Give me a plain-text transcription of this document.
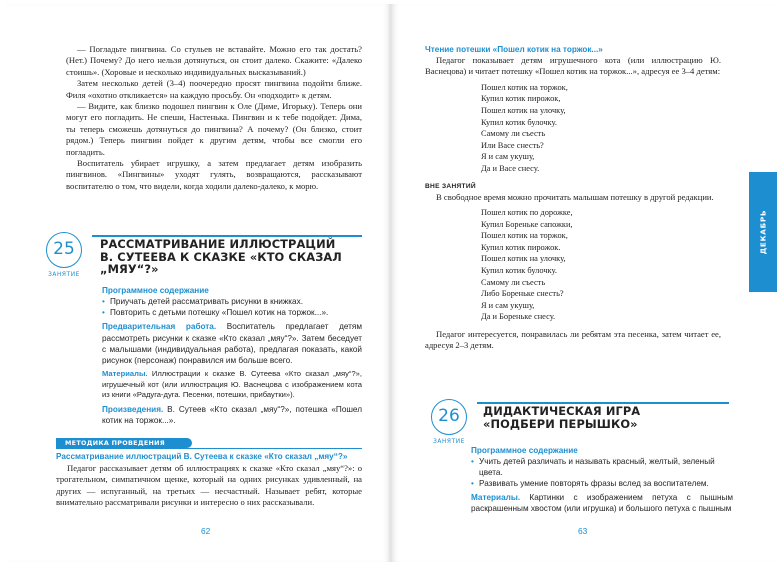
— Погладьте пингвина. Со стульев не вставайте. Можно его так достать? (Нет.) Почему? До него нельзя дотянуться, он стоит далеко. Скажите: «Далеко стоишь». (Хоровые и несколько индивидуальных высказываний.)

Затем несколько детей (3–4) поочередно просят пингвина подойти ближе. Филя «охотно откликается» на каждую просьбу. Он «подходит» к детям.

— Видите, как близко подошел пингвин к Оле (Диме, Игорьку). Теперь они могут его погладить. Не спеши, Настенька. Пингвин и к тебе подойдет. Дима, ты теперь сможешь дотянуться до пингвина? А почему? (Он близко, стоит рядом.) Теперь пингвин пойдет к другим детям, чтобы все смогли его погладить.

Воспитатель убирает игрушку, а затем предлагает детям изобразить пингвинов. «Пингвины» уходят гулять, возвращаются, рассказывают воспитателю о том, что видели, когда ходили далеко-далеко, к морю.

25
ЗАНЯТИЕ
РАССМАТРИВАНИЕ ИЛЛЮСТРАЦИЙ
В. СУТЕЕВА К СКАЗКЕ «КТО СКАЗАЛ „МЯУ“?»
Программное содержание
• Приучать детей рассматривать рисунки в книжках.
• Повторить с детьми потешку «Пошел котик на торжок...».

Предварительная работа. Воспитатель предлагает детям рассмотреть рисунки к сказке «Кто сказал „мяу“?». Затем беседует с малышами (индивидуальная работа), предлагая показать, какой рисунок (персонаж) понравился им больше всего.

Материалы. Иллюстрации к сказке В. Сутеева «Кто сказал „мяу“?», игрушечный кот (или иллюстрация Ю. Васнецова с изображением кота из книги «Радуга-дуга. Песенки, потешки, прибаутки»).

Произведения. В. Сутеев «Кто сказал „мяу“?», потешка «Пошел котик на торжок...».

МЕТОДИКА ПРОВЕДЕНИЯ
Рассматривание иллюстраций В. Сутеева к сказке «Кто сказал „мяу“?»

Педагог рассказывает детям об иллюстрациях к сказке «Кто сказал „мяу“?»: о трогательном, симпатичном щенке, который на одних рисунках удивленный, на других — испуганный, на третьих — несчастный. Называет ребят, которые внимательно рассматривали рисунки и интересно о них рассказывали.

62
Чтение потешки «Пошел котик на торжок...»

Педагог показывает детям игрушечного кота (или иллюстрацию Ю. Васнецова) и читает потешку «Пошел котик на торжок...», адресуя ее 3–4 детям:

Пошел котик на торжок,
Купил котик пирожок,
Пошел котик на улочку,
Купил котик булочку.
Самому ли съесть
Или Васе снесть?
Я и сам укушу,
Да и Васе снесу.
ВНЕ ЗАНЯТИЙ

В свободное время можно прочитать малышам потешку в другой редакции.

Пошел котик по дорожке,
Купил Бореньке сапожки,
Пошел котик на торжок,
Купил котик пирожок.
Пошел котик на улочку,
Купил котик булочку.
Самому ли съесть
Либо Бореньке снесть?
Я и сам укушу,
Да и Бореньке снесу.

Педагог интересуется, понравилась ли ребятам эта песенка, затем читает ее, адресуя 2–3 детям.

26
ЗАНЯТИЕ
ДИДАКТИЧЕСКАЯ ИГРА
«ПОДБЕРИ ПЕРЫШКО»
Программное содержание
• Учить детей различать и называть красный, желтый, зеленый цвета.
• Развивать умение повторять фразы вслед за воспитателем.

Материалы. Картинки с изображением петуха с пышным раскрашенным хвостом (или игрушка) и большого петуха с пышным

63
ДЕКАБРЬ
